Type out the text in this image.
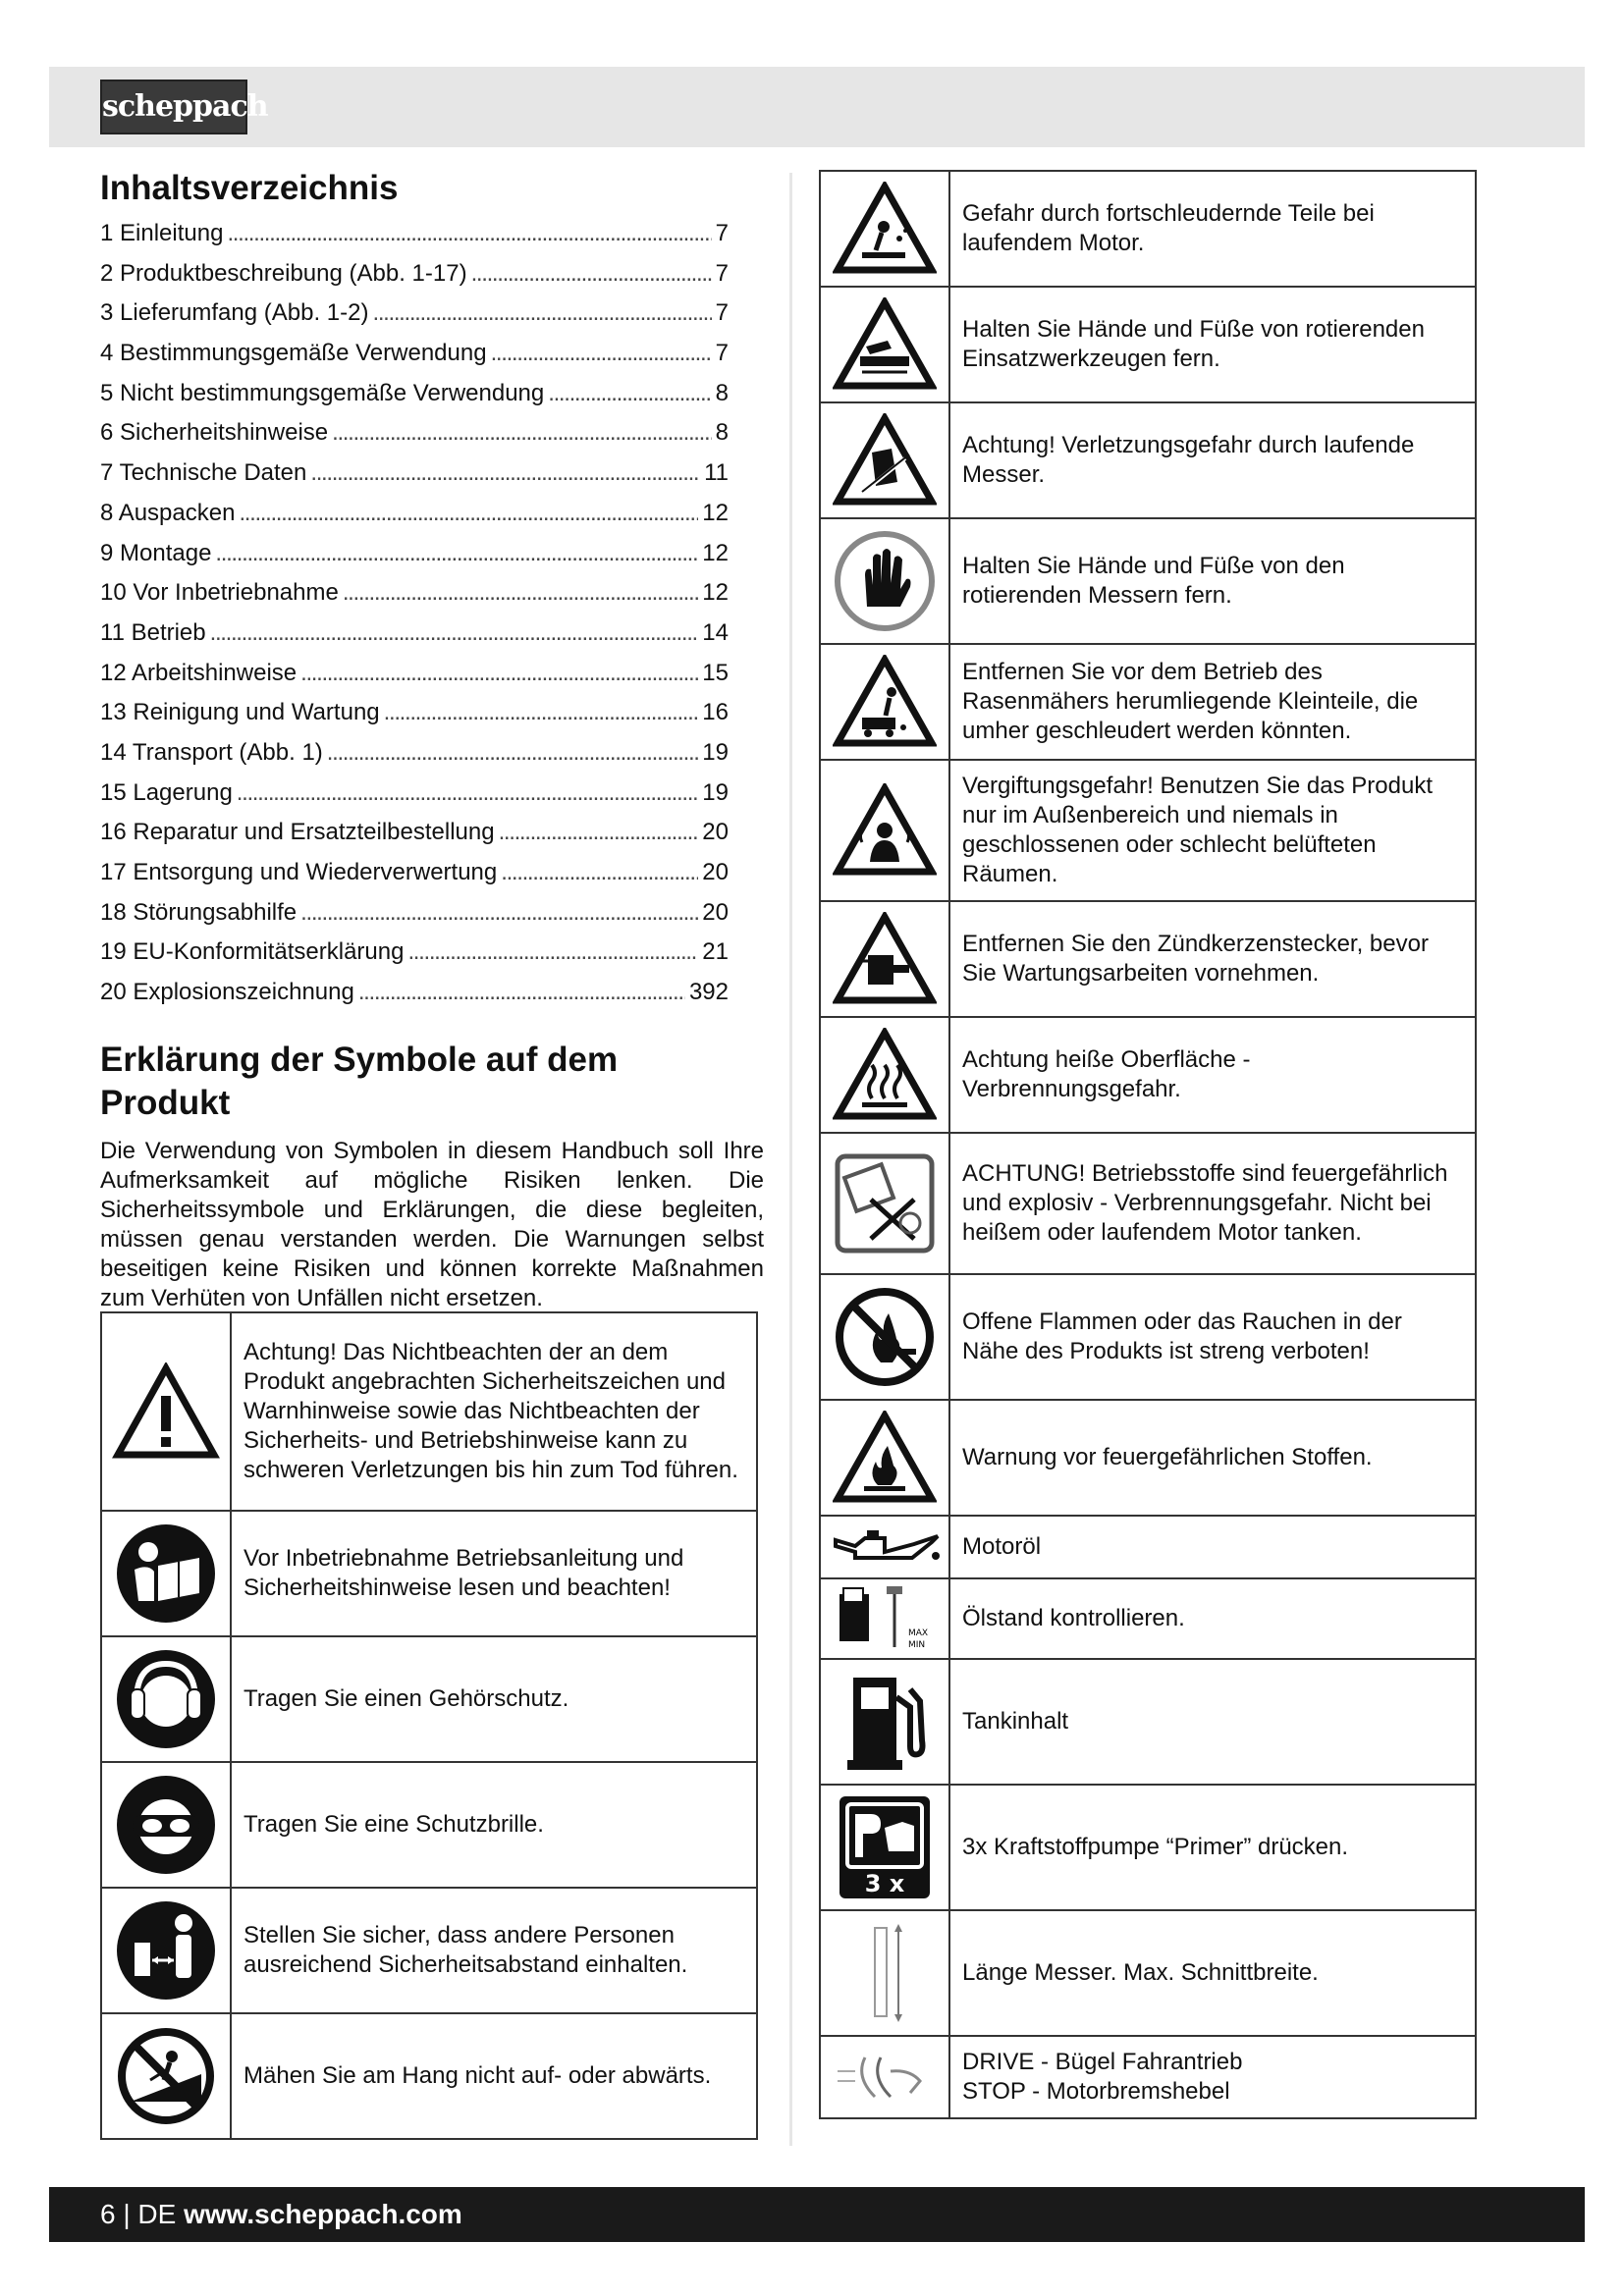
scheppach
Inhaltsverzeichnis
1 Einleitung . . .	7
2 Produktbeschreibung (Abb. 1-17) . . .	7
3 Lieferumfang (Abb. 1-2) . . .	7
4 Bestimmungsgemäße Verwendung . . .	7
5 Nicht bestimmungsgemäße Verwendung . . .	8
6 Sicherheitshinweise . . .	8
7 Technische Daten . . .	11
8 Auspacken . . .	12
9 Montage . . .	12
10 Vor Inbetriebnahme . . .	12
11 Betrieb . . .	14
12 Arbeitshinweise . . .	15
13 Reinigung und Wartung . . .	16
14 Transport (Abb. 1) . . .	19
15 Lagerung . . .	19
16 Reparatur und Ersatzteilbestellung . . .	20
17 Entsorgung und Wiederverwertung . . .	20
18 Störungsabhilfe . . .	20
19 EU-Konformitätserklärung . . .	21
20 Explosionszeichnung . . .	392
Erklärung der Symbole auf dem Produkt

Die Verwendung von Symbolen in diesem Handbuch soll Ihre Aufmerksamkeit auf mögliche Risiken lenken. Die Sicherheitssymbole und Erklärungen, die diese begleiten, müssen genau verstanden werden. Die Warnungen selbst beseitigen keine Risiken und können korrekte Maßnahmen zum Verhüten von Unfällen nicht ersetzen.

	Achtung! Das Nichtbeachten der an dem Produkt angebrachten Sicherheitszeichen und Warnhinweise sowie das Nichtbeachten der Sicherheits- und Betriebshinweise kann zu schweren Verletzungen bis hin zum Tod führen.

	Vor Inbetriebnahme Betriebsanleitung und Sicherheitshinweise lesen und beachten!

	Tragen Sie einen Gehörschutz.

	Tragen Sie eine Schutzbrille.

	Stellen Sie sicher, dass andere Personen ausreichend Sicherheitsabstand einhalten.

	Mähen Sie am Hang nicht auf- oder abwärts.
	Gefahr durch fortschleudernde Teile bei laufendem Motor.

	Halten Sie Hände und Füße von rotierenden Einsatzwerkzeugen fern.

	Achtung! Verletzungsgefahr durch laufende Messer.

	Halten Sie Hände und Füße von den rotierenden Messern fern.

	Entfernen Sie vor dem Betrieb des Rasenmähers herumliegende Kleinteile, die umher geschleudert werden könnten.

	Vergiftungsgefahr! Benutzen Sie das Produkt nur im Außenbereich und niemals in geschlossenen oder schlecht belüfteten Räumen.

	Entfernen Sie den Zündkerzenstecker, bevor Sie Wartungsarbeiten vornehmen.

	Achtung heiße Oberfläche - Verbrennungsgefahr.

	ACHTUNG! Betriebsstoffe sind feuergefährlich und explosiv - Verbrennungsgefahr. Nicht bei heißem oder laufendem Motor tanken.

	Offene Flammen oder das Rauchen in der Nähe des Produkts ist streng verboten!

	Warnung vor feuergefährlichen Stoffen.

	Motoröl

MAX
MIN	Ölstand kontrollieren.

	Tankinhalt

3 x	3x Kraftstoffpumpe “Primer” drücken.

	Länge Messer. Max. Schnittbreite.

	DRIVE - Bügel Fahrantrieb
STOP - Motorbremshebel
6 | DE www.scheppach.com
